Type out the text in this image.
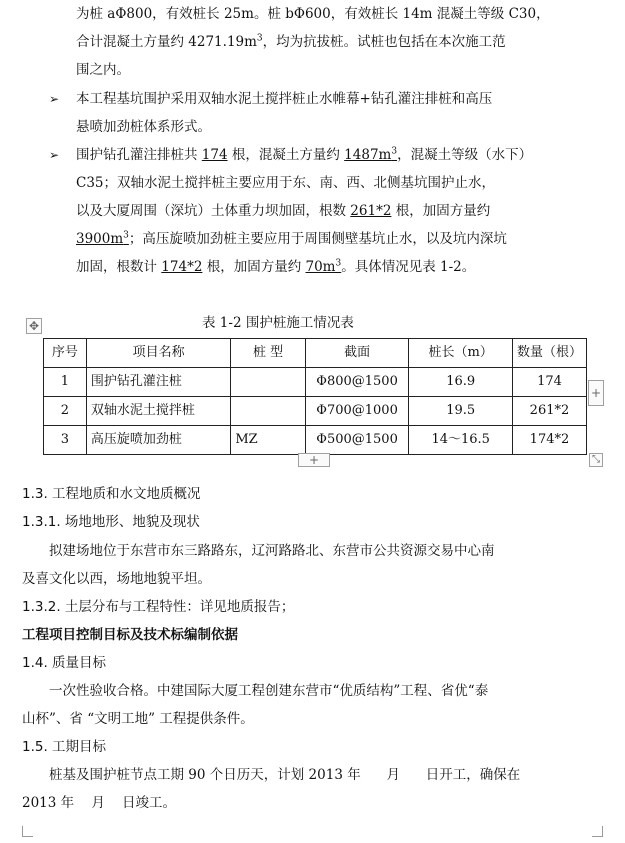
为桩 aΦ800，有效桩长 25m。桩 bΦ600，有效桩长 14m 混凝土等级 C30，
合计混凝土方量约 $4271.19m^3$，均为抗拔桩。试桩也包括在本次施工范
围之内。
➢ 本工程基坑围护采用双轴水泥土搅拌桩止水帷幕+钻孔灌注排桩和高压
悬喷加劲桩体系形式。
➢ 围护钻孔灌注排桩共 174 根，混凝土方量约 $1487m^3$，混凝土等级（水下）
C35；双轴水泥土搅拌桩主要应用于东、南、西、北侧基坑围护止水，
以及大厦周围（深坑）土体重力坝加固，根数 261*2 根，加固方量约
$3900m^3$；高压旋喷加劲桩主要应用于周围侧壁基坑止水，以及坑内深坑
加固，根数计 174*2 根，加固方量约 $70m^3$。具体情况见表 1-2。
✥	表 1-2 围护桩施工情况表
序号	项目名称	桩 型	截面	桩长（m）	数量（根）
1	围护钻孔灌注桩		Φ800@1500	16.9	174
2	双轴水泥土搅拌桩		Φ700@1000	19.5	261*2
3	高压旋喷加劲桩	MZ	Φ500@1500	14～16.5	174*2
+
+	⤡
1.3. 工程地质和水文地质概况
1.3.1. 场地地形、地貌及现状
拟建场地位于东营市东三路路东，辽河路路北、东营市公共资源交易中心南
及喜文化以西，场地地貌平坦。
1.3.2. 土层分布与工程特性：详见地质报告；
工程项目控制目标及技术标编制依据
1.4. 质量目标
一次性验收合格。中建国际大厦工程创建东营市“优质结构”工程、省优“泰
山杯”、省 “文明工地” 工程提供条件。
1.5. 工期目标
桩基及围护桩节点工期 90 个日历天，计划 2013 年      月      日开工，确保在
2013 年    月    日竣工。
